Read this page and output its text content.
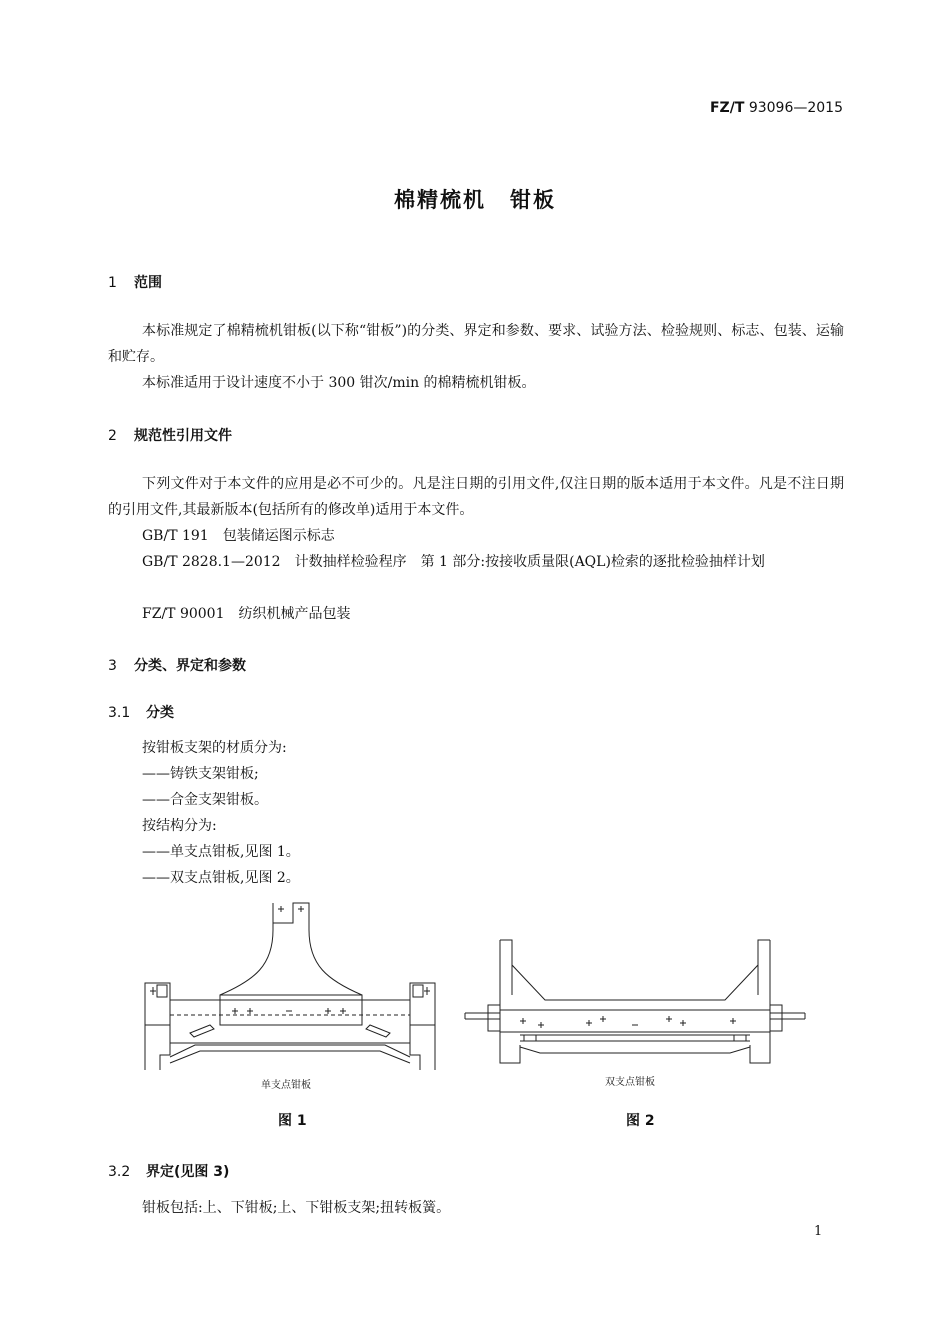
FZ/T 93096—2015
棉精梳机 钳板
1 范围
本标准规定了棉精梳机钳板(以下称“钳板”)的分类、界定和参数、要求、试验方法、检验规则、标志、包装、运输和贮存。
本标准适用于设计速度不小于 300 钳次/min 的棉精梳机钳板。
2 规范性引用文件
下列文件对于本文件的应用是必不可少的。凡是注日期的引用文件,仅注日期的版本适用于本文件。凡是不注日期的引用文件,其最新版本(包括所有的修改单)适用于本文件。
GB/T 191　包装储运图示标志
GB/T 2828.1—2012　计数抽样检验程序　第 1 部分:按接收质量限(AQL)检索的逐批检验抽样计划
FZ/T 90001　纺织机械产品包装
3 分类、界定和参数
3.1 分类
按钳板支架的材质分为:
——铸铁支架钳板;
——合金支架钳板。
按结构分为:
——单支点钳板,见图 1。
——双支点钳板,见图 2。
单支点钳板
图 1
双支点钳板
图 2
3.2 界定(见图 3)
钳板包括:上、下钳板;上、下钳板支架;扭转板簧。
1
